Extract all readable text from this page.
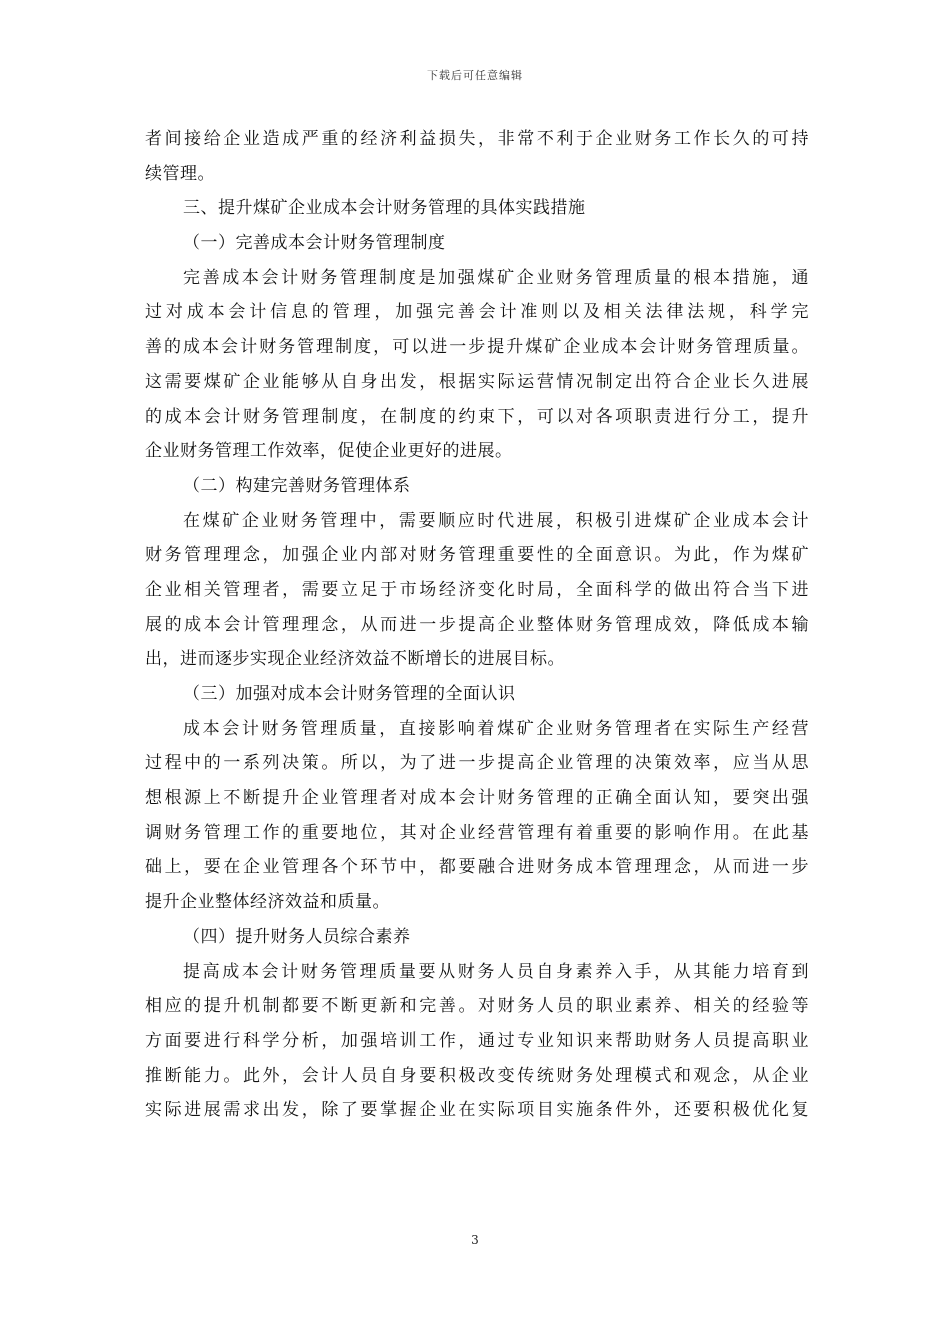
下载后可任意编辑
者间接给企业造成严重的经济利益损失，非常不利于企业财务工作长久的可持
续管理。
三、提升煤矿企业成本会计财务管理的具体实践措施
（一）完善成本会计财务管理制度
完善成本会计财务管理制度是加强煤矿企业财务管理质量的根本措施，通
过对成本会计信息的管理，加强完善会计准则以及相关法律法规，科学完
善的成本会计财务管理制度，可以进一步提升煤矿企业成本会计财务管理质量。
这需要煤矿企业能够从自身出发，根据实际运营情况制定出符合企业长久进展
的成本会计财务管理制度，在制度的约束下，可以对各项职责进行分工，提升
企业财务管理工作效率，促使企业更好的进展。
（二）构建完善财务管理体系
在煤矿企业财务管理中，需要顺应时代进展，积极引进煤矿企业成本会计
财务管理理念，加强企业内部对财务管理重要性的全面意识。为此，作为煤矿
企业相关管理者，需要立足于市场经济变化时局，全面科学的做出符合当下进
展的成本会计管理理念，从而进一步提高企业整体财务管理成效，降低成本输
出，进而逐步实现企业经济效益不断增长的进展目标。
（三）加强对成本会计财务管理的全面认识
成本会计财务管理质量，直接影响着煤矿企业财务管理者在实际生产经营
过程中的一系列决策。所以，为了进一步提高企业管理的决策效率，应当从思
想根源上不断提升企业管理者对成本会计财务管理的正确全面认知，要突出强
调财务管理工作的重要地位，其对企业经营管理有着重要的影响作用。在此基
础上，要在企业管理各个环节中，都要融合进财务成本管理理念，从而进一步
提升企业整体经济效益和质量。
（四）提升财务人员综合素养
提高成本会计财务管理质量要从财务人员自身素养入手，从其能力培育到
相应的提升机制都要不断更新和完善。对财务人员的职业素养、相关的经验等
方面要进行科学分析，加强培训工作，通过专业知识来帮助财务人员提高职业
推断能力。此外，会计人员自身要积极改变传统财务处理模式和观念，从企业
实际进展需求出发，除了要掌握企业在实际项目实施条件外，还要积极优化复
3
